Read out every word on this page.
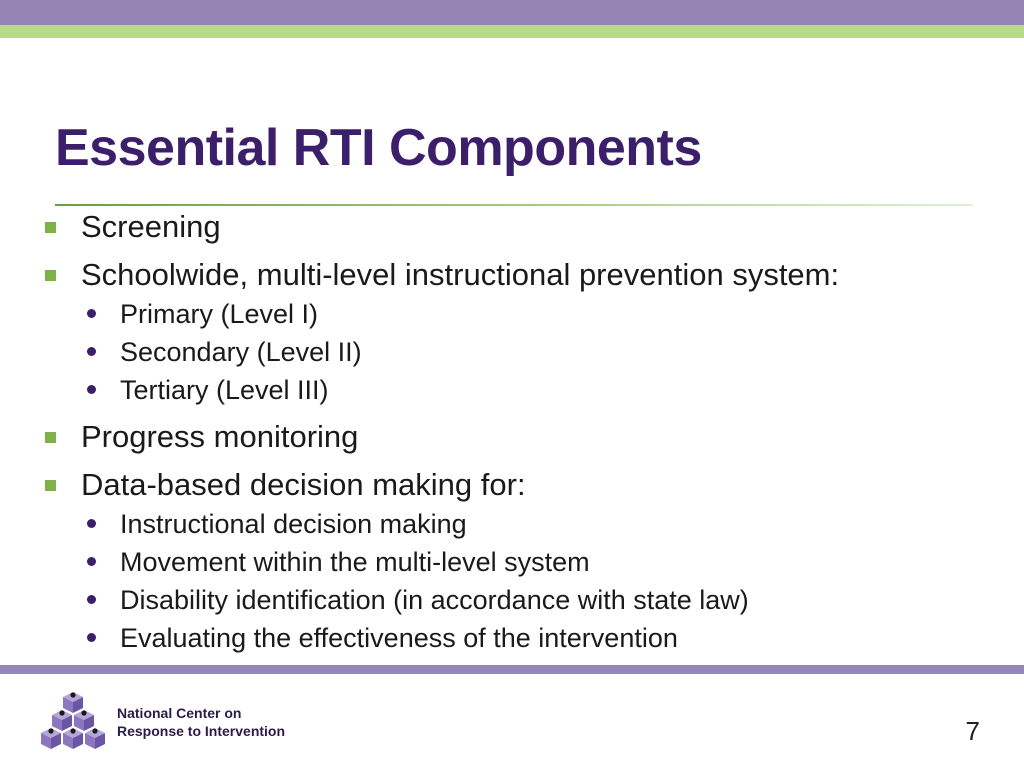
Essential RTI Components
Screening
Schoolwide, multi-level instructional prevention system:
Primary (Level I)
Secondary (Level II)
Tertiary (Level III)
Progress monitoring
Data-based decision making for:
Instructional decision making
Movement within the multi-level system
Disability identification (in accordance with state law)
Evaluating the effectiveness of the intervention
National Center on
Response to Intervention	7
